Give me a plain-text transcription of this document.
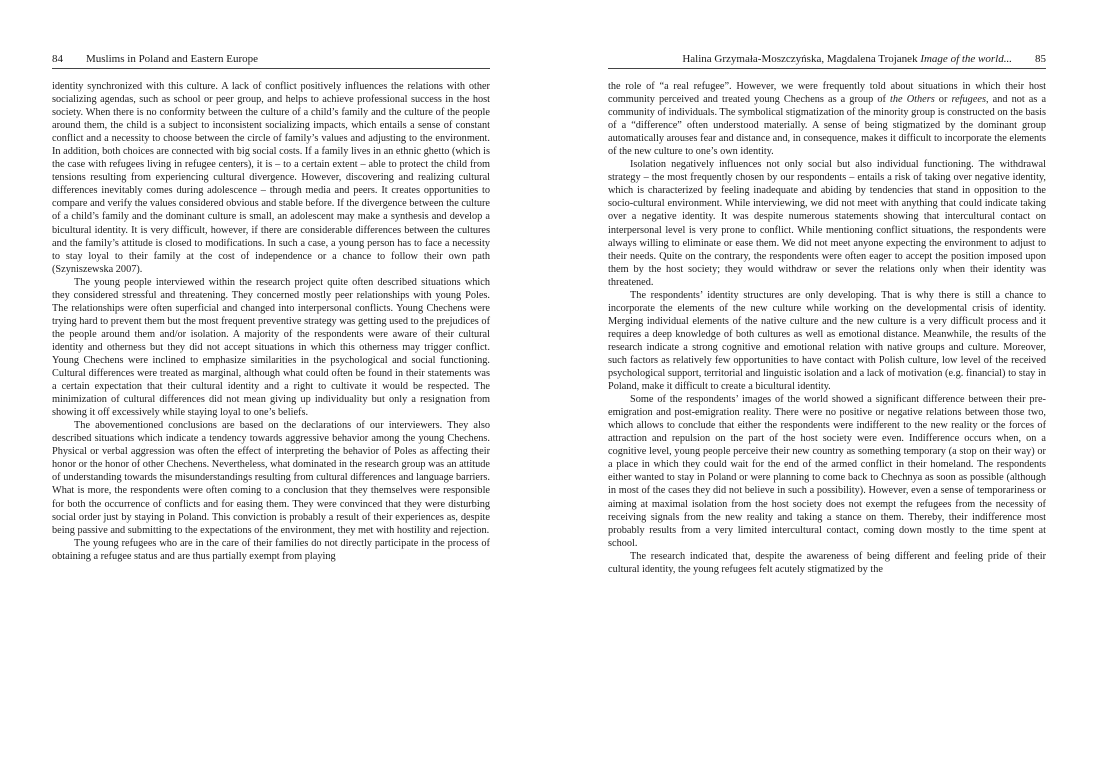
84 Muslims in Poland and Eastern Europe

identity synchronized with this culture. A lack of conflict positively influences the relations with other socializing agendas, such as school or peer group, and helps to achieve professional success in the host society. When there is no conformity between the culture of a child’s family and the culture of the people around them, the child is a subject to inconsistent socializing impacts, which entails a sense of constant conflict and a necessity to choose between the circle of family’s values and adjusting to the environment. In addition, both choices are connected with big social costs. If a family lives in an ethnic ghetto (which is the case with refugees living in refugee centers), it is – to a certain extent – able to protect the child from tensions resulting from experiencing cultural divergence. However, discovering and realizing cultural differences inevitably comes during adolescence – through media and peers. It creates opportunities to compare and verify the values considered obvious and stable before. If the divergence between the culture of a child’s family and the dominant culture is small, an adolescent may make a synthesis and develop a bicultural identity. It is very difficult, however, if there are considerable differences between the cultures and the family’s attitude is closed to modifications. In such a case, a young person has to face a necessity to stay loyal to their family at the cost of independence or a chance to follow their own path (Szyniszewska 2007).

The young people interviewed within the research project quite often described situations which they considered stressful and threatening. They concerned mostly peer relationships with young Poles. The relationships were often superficial and changed into interpersonal conflicts. Young Chechens were trying hard to prevent them but the most frequent preventive strategy was getting used to the prejudices of the people around them and/or isolation. A majority of the respondents were aware of their cultural identity and otherness but they did not accept situations in which this otherness may trigger conflict. Young Chechens were inclined to emphasize similarities in the psychological and social functioning. Cultural differences were treated as marginal, although what could often be found in their statements was a certain expectation that their cultural identity and a right to cultivate it would be respected. The minimization of cultural differences did not mean giving up individuality but only a resignation from showing it off excessively while staying loyal to one’s beliefs.

The abovementioned conclusions are based on the declarations of our interviewers. They also described situations which indicate a tendency towards aggressive behavior among the young Chechens. Physical or verbal aggression was often the effect of interpreting the behavior of Poles as affecting their honor or the honor of other Chechens. Nevertheless, what dominated in the research group was an attitude of understanding towards the misunderstandings resulting from cultural differences and language barriers. What is more, the respondents were often coming to a conclusion that they themselves were responsible for both the occurrence of conflicts and for easing them. They were convinced that they were disturbing social order just by staying in Poland. This conviction is probably a result of their experiences as, despite being passive and submitting to the expectations of the environment, they met with hostility and rejection.

The young refugees who are in the care of their families do not directly participate in the process of obtaining a refugee status and are thus partially exempt from playing

Halina Grzymała-Moszczyńska, Magdalena Trojanek Image of the world... 85

the role of “a real refugee”. However, we were frequently told about situations in which their host community perceived and treated young Chechens as a group of the Others or refugees, and not as a community of individuals. The symbolical stigmatization of the minority group is constructed on the basis of a “difference” often understood materially. A sense of being stigmatized by the dominant group automatically arouses fear and distance and, in consequence, makes it difficult to incorporate the elements of the new culture to one’s own identity.

Isolation negatively influences not only social but also individual functioning. The withdrawal strategy – the most frequently chosen by our respondents – entails a risk of taking over negative identity, which is characterized by feeling inadequate and abiding by tendencies that stand in opposition to the socio-cultural environment. While interviewing, we did not meet with anything that could indicate taking over a negative identity. It was despite numerous statements showing that intercultural contact on interpersonal level is very prone to conflict. While mentioning conflict situations, the respondents were always willing to eliminate or ease them. We did not meet anyone expecting the environment to adjust to their needs. Quite on the contrary, the respondents were often eager to accept the position imposed upon them by the host society; they would withdraw or sever the relations only when their identity was threatened.

The respondents’ identity structures are only developing. That is why there is still a chance to incorporate the elements of the new culture while working on the developmental crisis of identity. Merging individual elements of the native culture and the new culture is a very difficult process and it requires a deep knowledge of both cultures as well as emotional distance. Meanwhile, the results of the research indicate a strong cognitive and emotional relation with native groups and culture. Moreover, such factors as relatively few opportunities to have contact with Polish culture, low level of the received psychological support, territorial and linguistic isolation and a lack of motivation (e.g. financial) to stay in Poland, make it difficult to create a bicultural identity.

Some of the respondents’ images of the world showed a significant difference between their pre-emigration and post-emigration reality. There were no positive or negative relations between those two, which allows to conclude that either the respondents were indifferent to the new reality or the forces of attraction and repulsion on the part of the host society were even. Indifference occurs when, on a cognitive level, young people perceive their new country as something temporary (a stop on their way) or a place in which they could wait for the end of the armed conflict in their homeland. The respondents either wanted to stay in Poland or were planning to come back to Chechnya as soon as possible (although in most of the cases they did not believe in such a possibility). However, even a sense of temporariness or aiming at maximal isolation from the host society does not exempt the refugees from the necessity of receiving signals from the new reality and taking a stance on them. Thereby, their indifference most probably results from a very limited intercultural contact, coming down mostly to the time spent at school.

The research indicated that, despite the awareness of being different and feeling pride of their cultural identity, the young refugees felt acutely stigmatized by the
